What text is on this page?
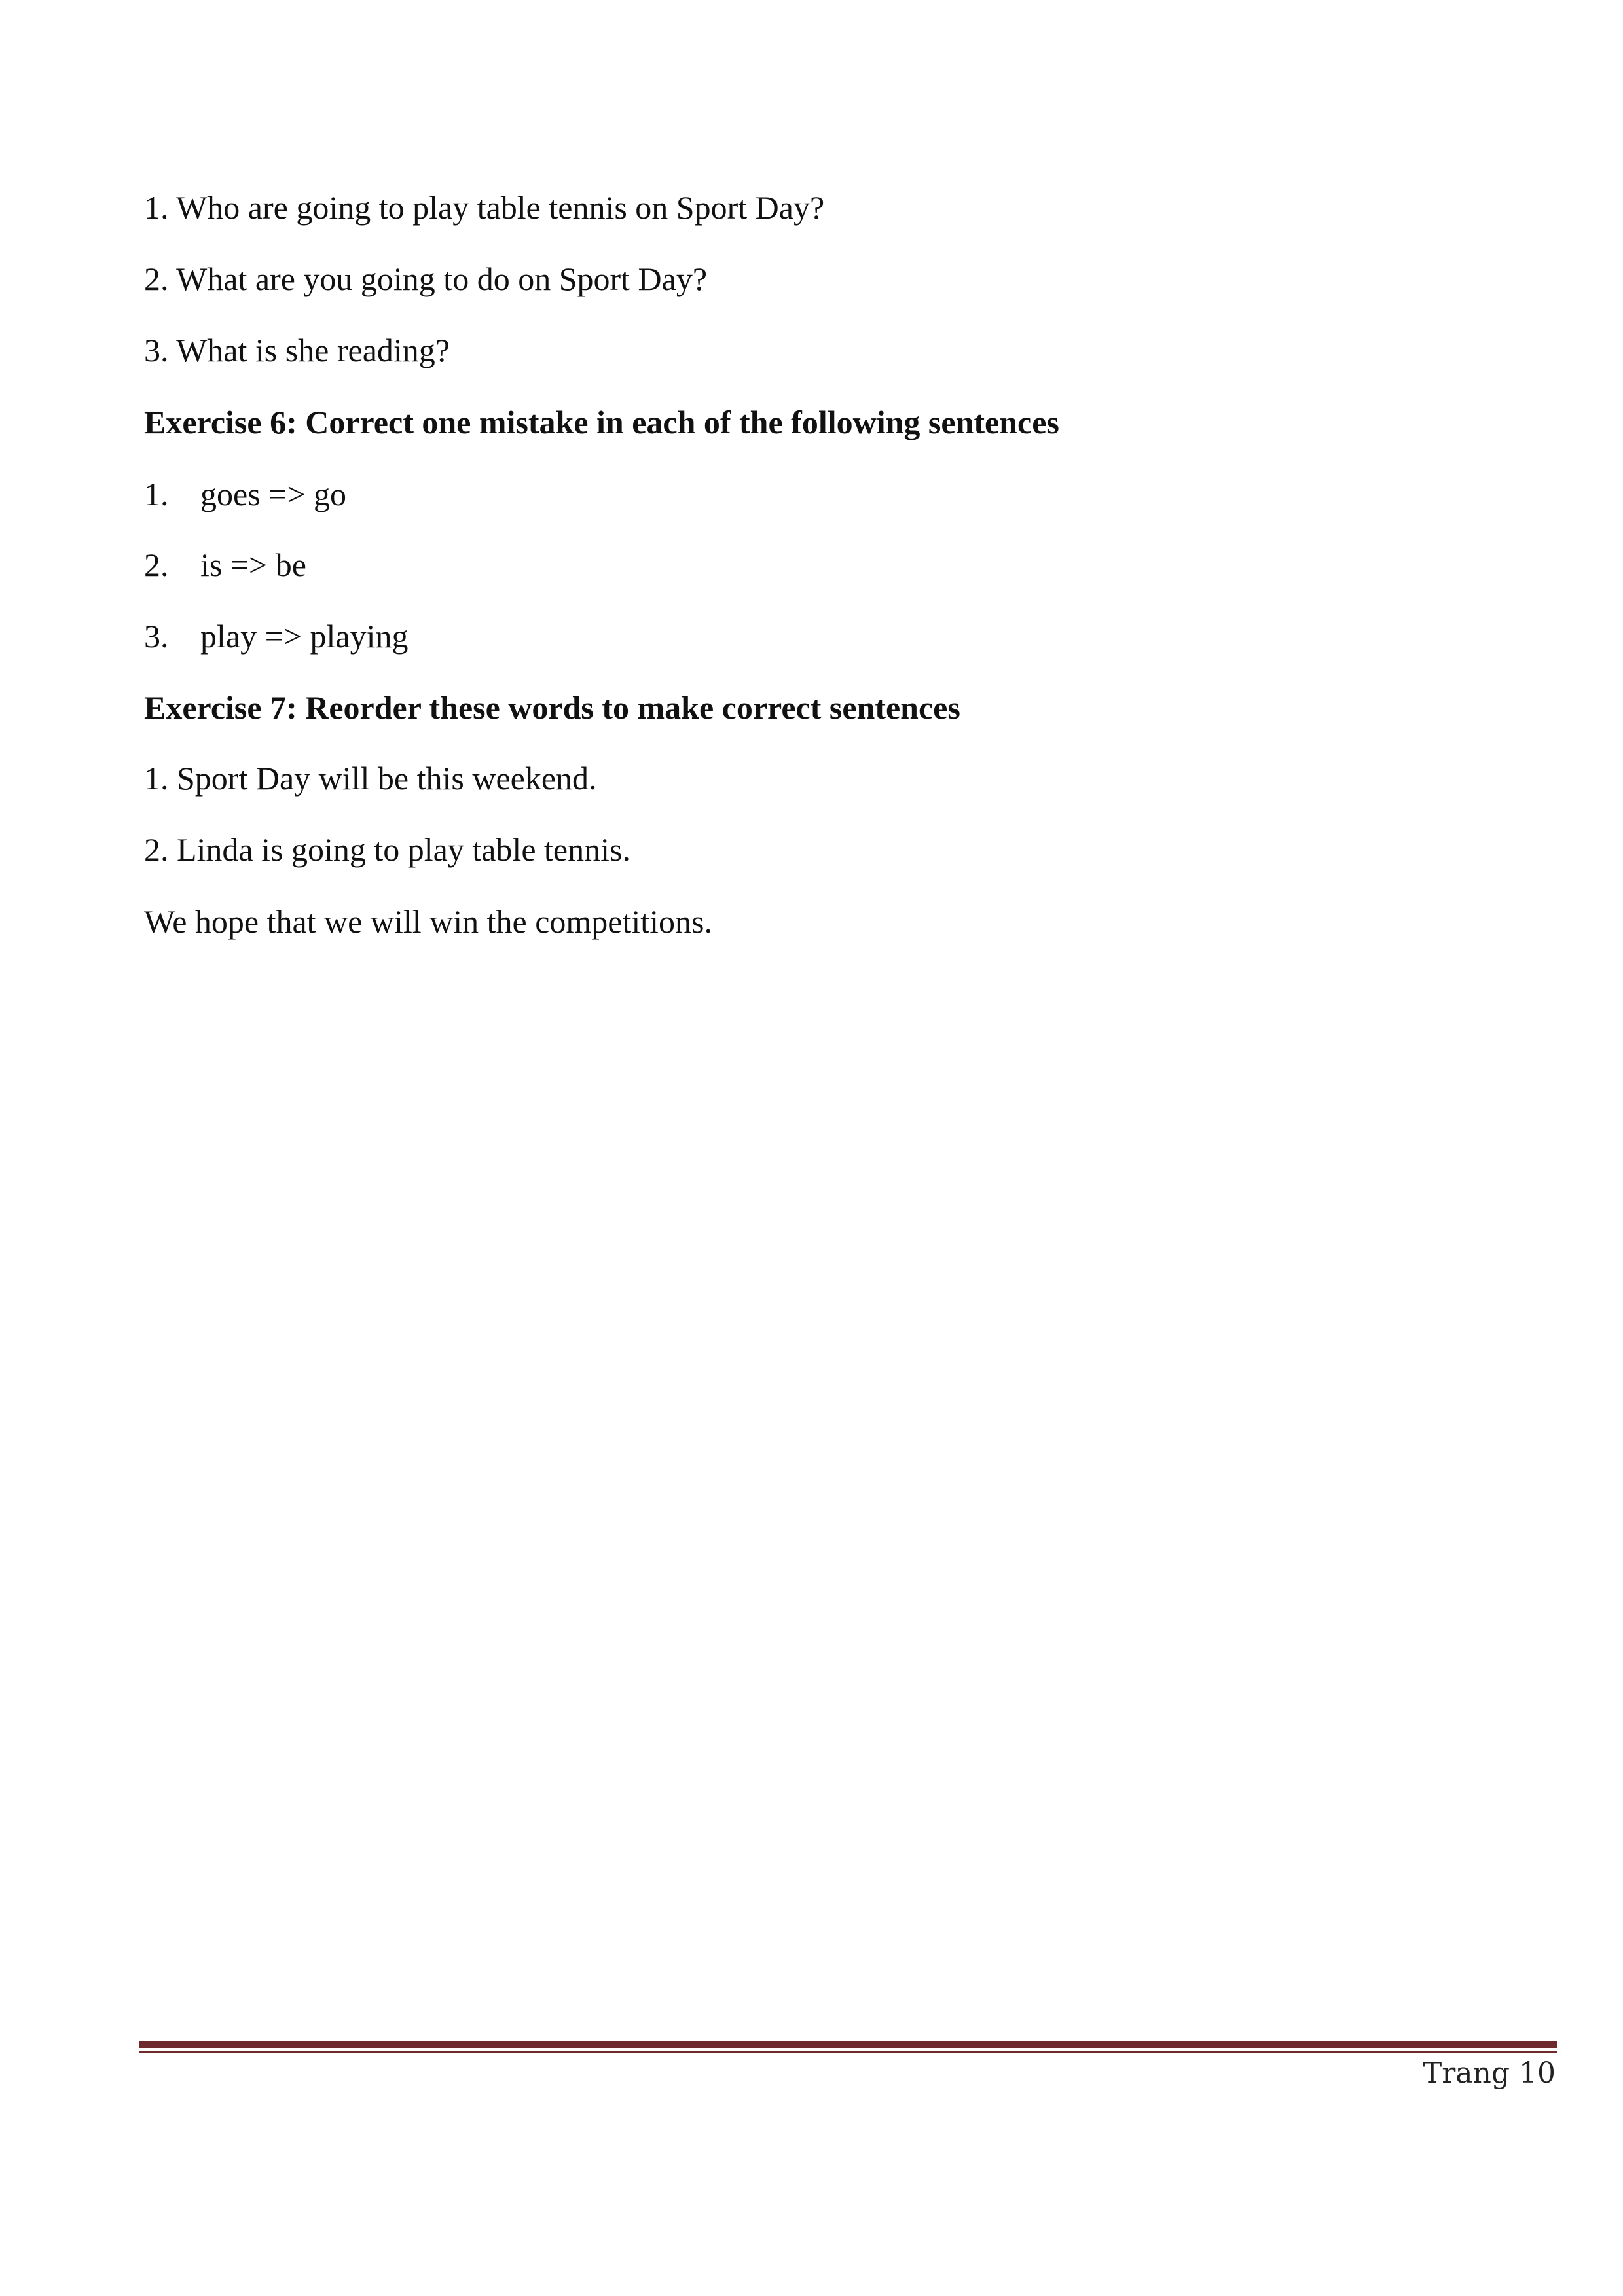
1. Who are going to play table tennis on Sport Day?
2. What are you going to do on Sport Day?
3. What is she reading?
Exercise 6: Correct one mistake in each of the following sentences
1. goes => go
2. is => be
3. play => playing
Exercise 7: Reorder these words to make correct sentences
1. Sport Day will be this weekend.
2. Linda is going to play table tennis.
We hope that we will win the competitions.
Trang 10
